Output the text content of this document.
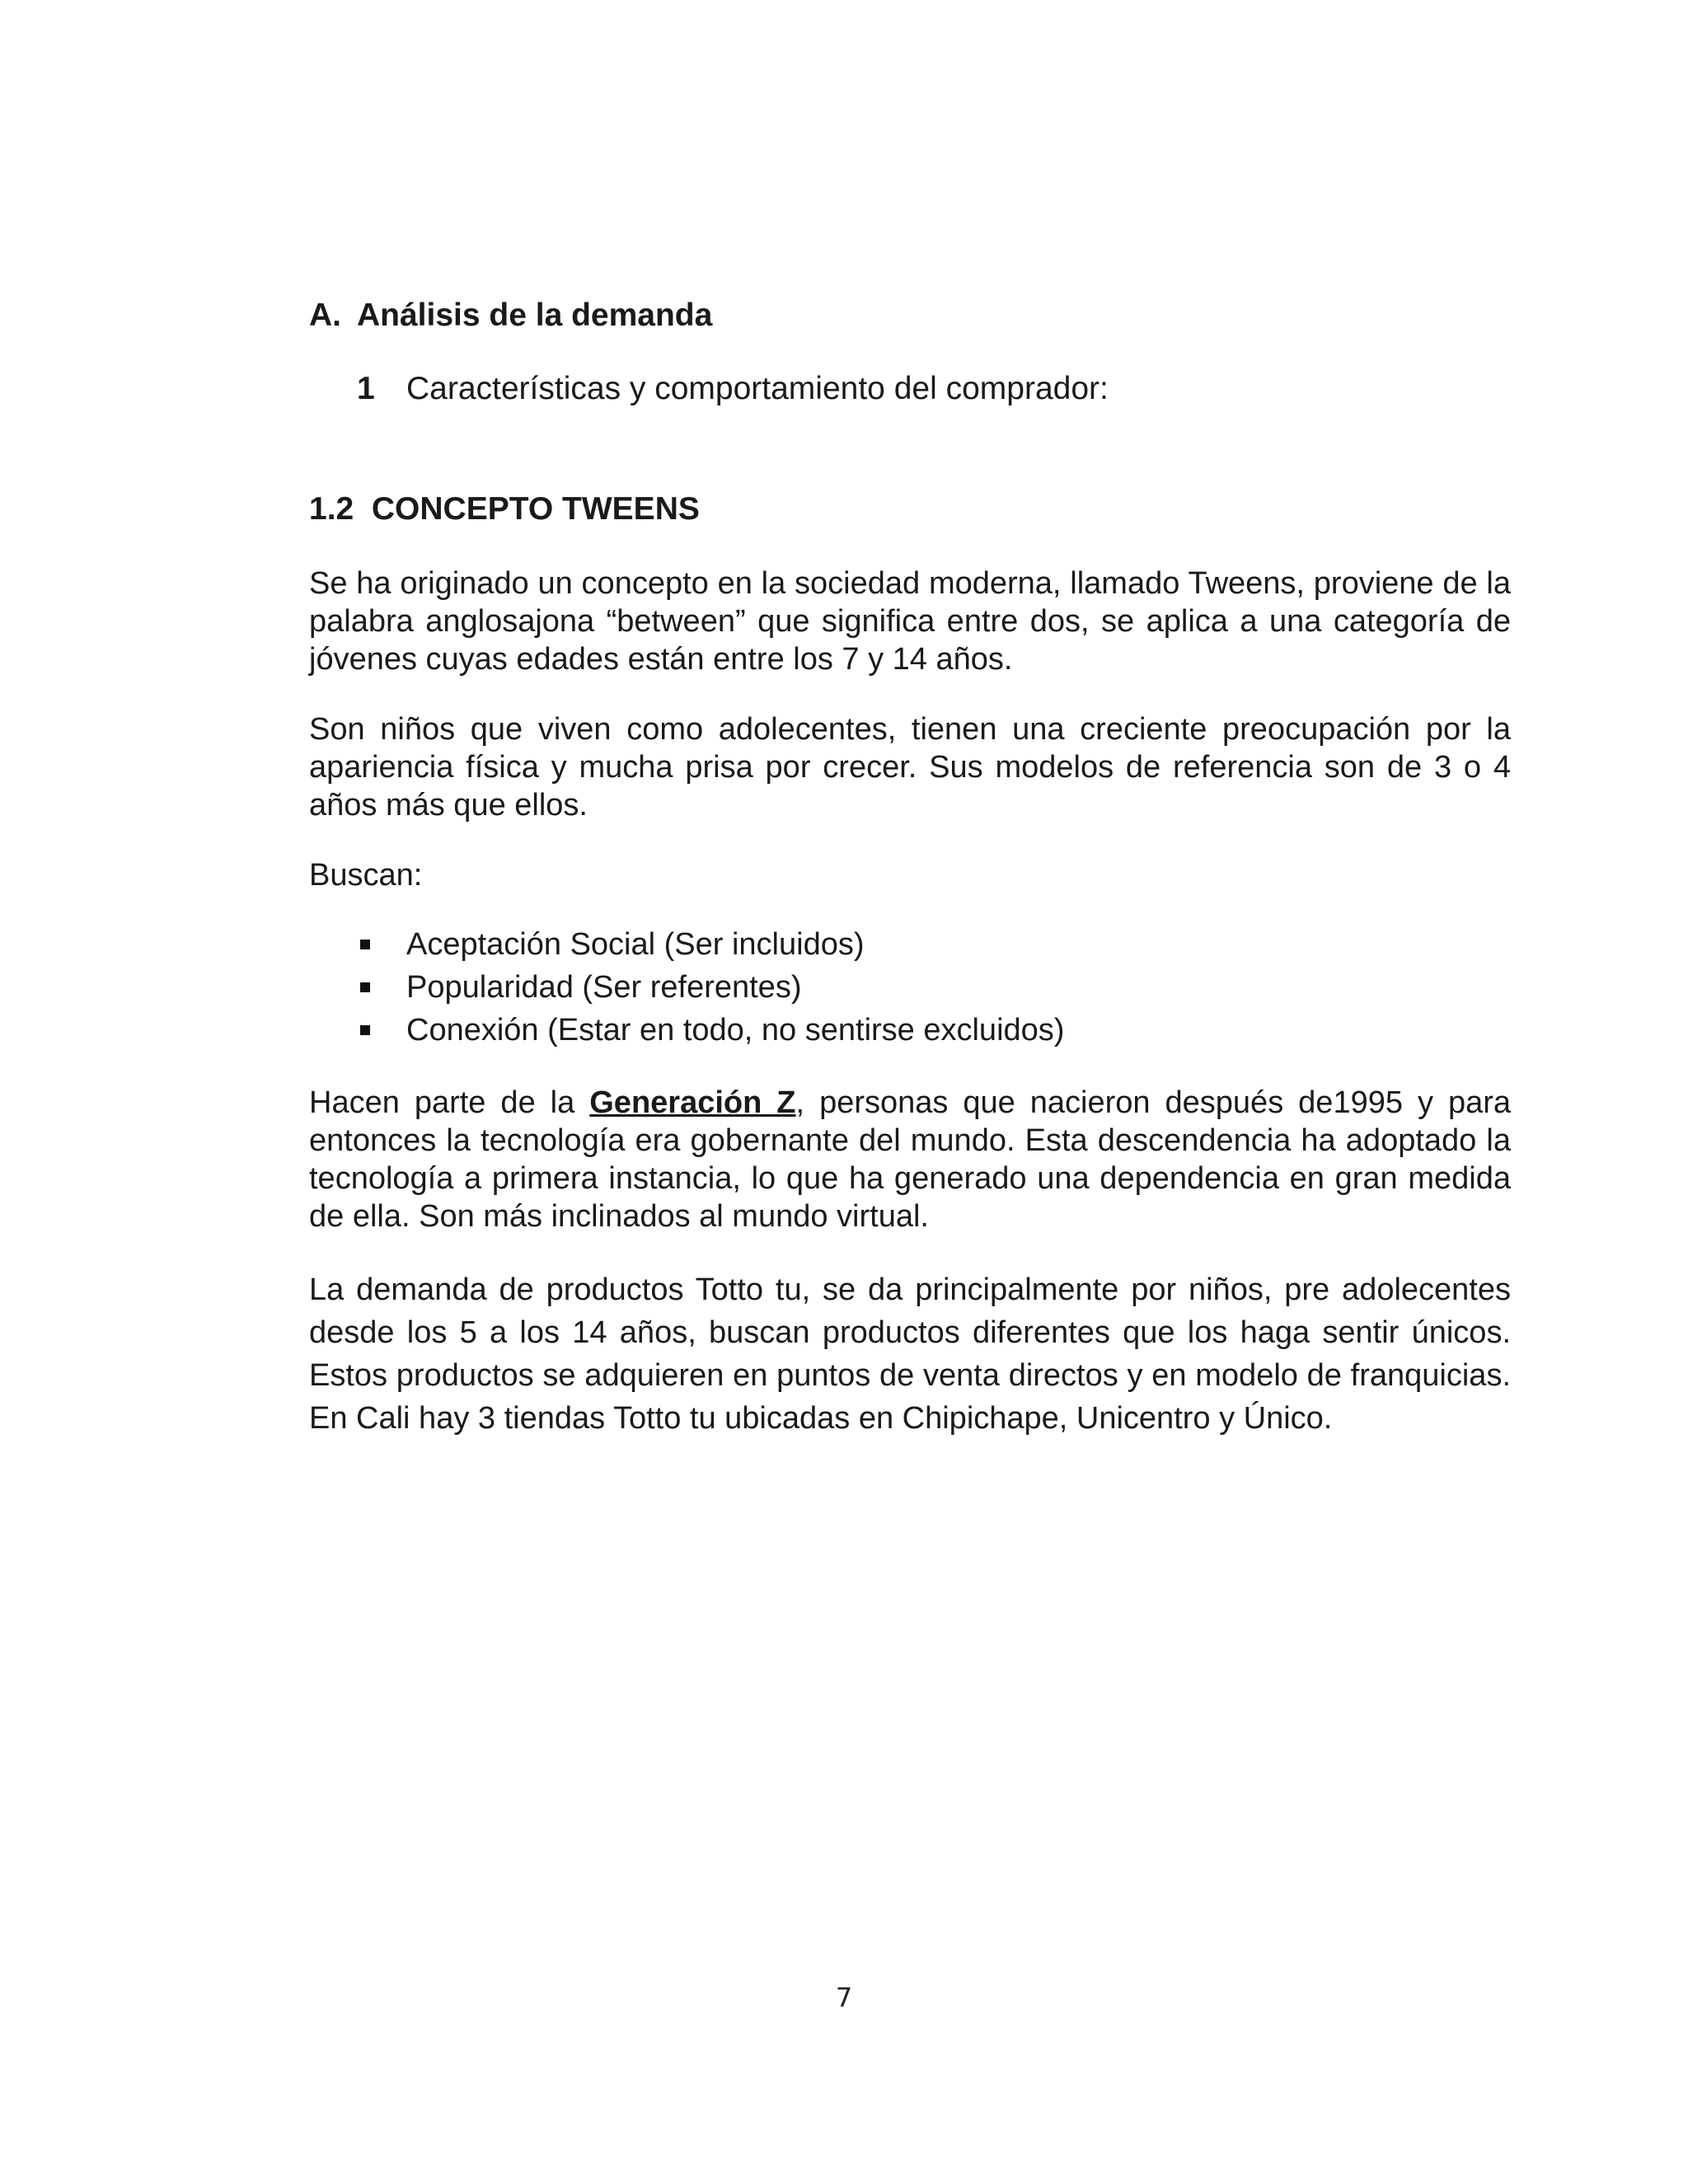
A. Análisis de la demanda

1 Características y comportamiento del comprador:

1.2  CONCEPTO TWEENS

Se ha originado un concepto en la sociedad moderna, llamado Tweens, proviene de la palabra anglosajona “between” que significa entre dos, se aplica a una categoría de jóvenes cuyas edades están entre los 7 y 14 años.

Son niños que viven como adolecentes, tienen una creciente preocupación por la apariencia física y mucha prisa por crecer. Sus modelos de referencia son de 3 o 4 años más que ellos.

Buscan:

Aceptación Social (Ser incluidos)
Popularidad (Ser referentes)
Conexión (Estar en todo, no sentirse excluidos)

Hacen parte de la Generación Z, personas que nacieron después de1995 y para entonces la tecnología era gobernante del mundo. Esta descendencia ha adoptado la tecnología a primera instancia, lo que ha generado una dependencia en gran medida de ella. Son más inclinados al mundo virtual.

La demanda de productos Totto tu, se da principalmente por niños, pre adolecentes desde los 5 a los 14 años, buscan productos diferentes que los haga sentir únicos. Estos productos se adquieren en puntos de venta directos y en modelo de franquicias. En Cali hay 3 tiendas Totto tu ubicadas en Chipichape, Unicentro y Único.

7
